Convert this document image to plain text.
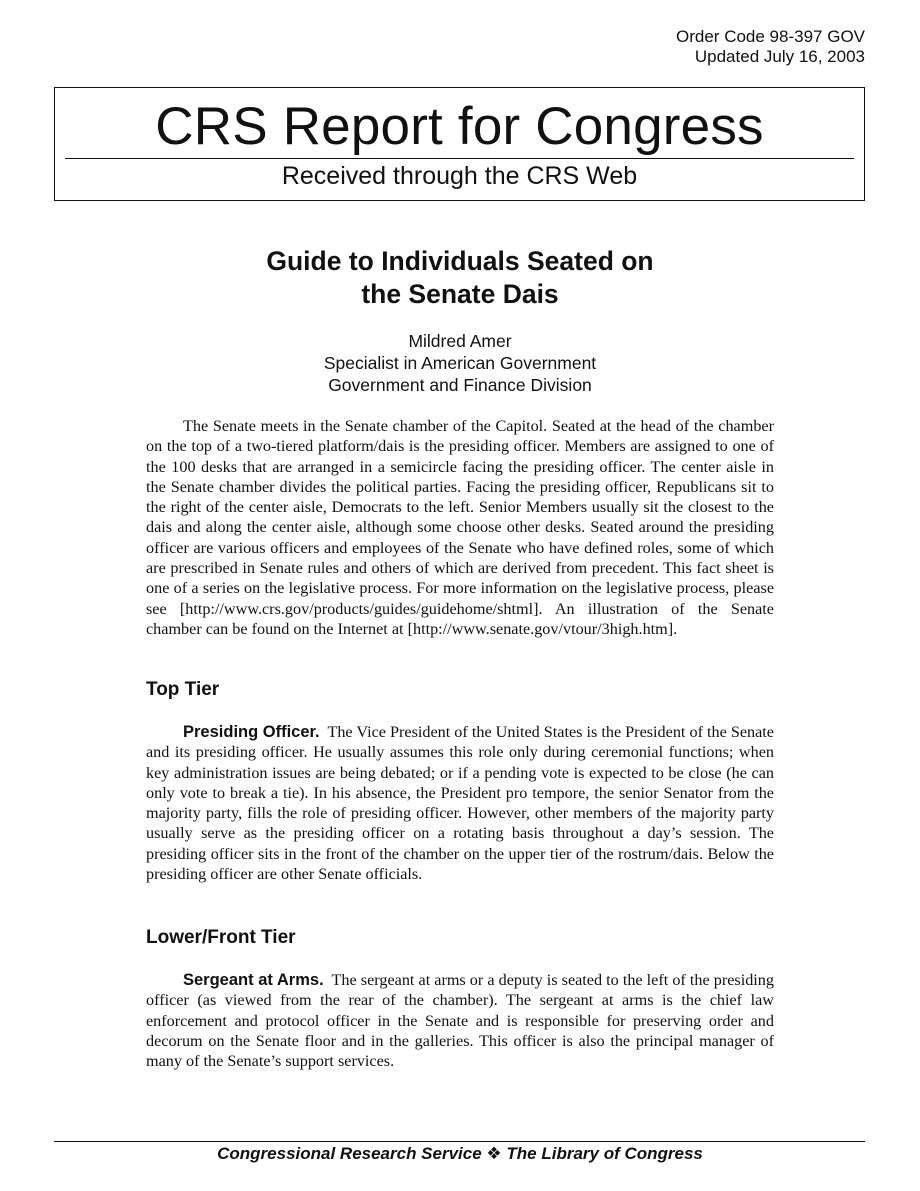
Order Code 98-397 GOV
Updated July 16, 2003
CRS Report for Congress
Received through the CRS Web
Guide to Individuals Seated on
the Senate Dais
Mildred Amer
Specialist in American Government
Government and Finance Division

The Senate meets in the Senate chamber of the Capitol. Seated at the head of the chamber on the top of a two-tiered platform/dais is the presiding officer. Members are assigned to one of the 100 desks that are arranged in a semicircle facing the presiding officer. The center aisle in the Senate chamber divides the political parties. Facing the presiding officer, Republicans sit to the right of the center aisle, Democrats to the left. Senior Members usually sit the closest to the dais and along the center aisle, although some choose other desks. Seated around the presiding officer are various officers and employees of the Senate who have defined roles, some of which are prescribed in Senate rules and others of which are derived from precedent. This fact sheet is one of a series on the legislative process. For more information on the legislative process, please see [http://www.crs.gov/products/guides/guidehome/shtml]. An illustration of the Senate chamber can be found on the Internet at [http://www.senate.gov/vtour/3high.htm].

Top Tier

Presiding Officer. The Vice President of the United States is the President of the Senate and its presiding officer. He usually assumes this role only during ceremonial functions; when key administration issues are being debated; or if a pending vote is expected to be close (he can only vote to break a tie). In his absence, the President pro tempore, the senior Senator from the majority party, fills the role of presiding officer. However, other members of the majority party usually serve as the presiding officer on a rotating basis throughout a day’s session. The presiding officer sits in the front of the chamber on the upper tier of the rostrum/dais. Below the presiding officer are other Senate officials.

Lower/Front Tier

Sergeant at Arms. The sergeant at arms or a deputy is seated to the left of the presiding officer (as viewed from the rear of the chamber). The sergeant at arms is the chief law enforcement and protocol officer in the Senate and is responsible for preserving order and decorum on the Senate floor and in the galleries. This officer is also the principal manager of many of the Senate’s support services.

Congressional Research Service ❖ The Library of Congress
